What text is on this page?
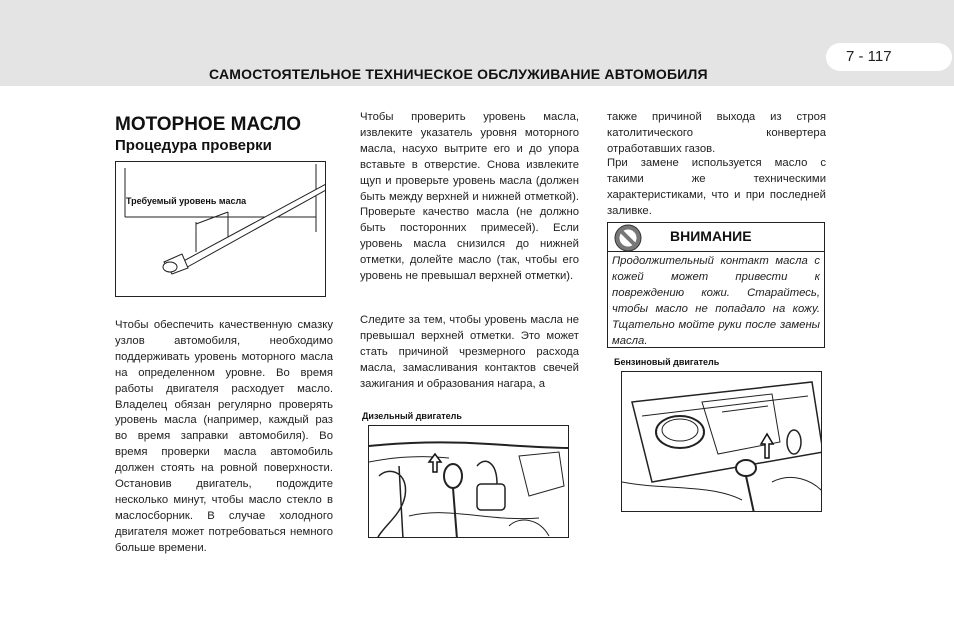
7 - 117
САМОСТОЯТЕЛЬНОЕ ТЕХНИЧЕСКОЕ ОБСЛУЖИВАНИЕ АВТОМОБИЛЯ
МОТОРНОЕ МАСЛО
Процедура проверки
Требуемый уровень масла
Чтобы обеспечить качественную смазку узлов автомобиля, необходимо поддерживать уровень моторного масла на определенном уровне. Во время работы двигателя расходует масло. Владелец обязан регулярно проверять уровень масла (например, каждый раз во время заправки автомобиля). Во время проверки масла автомобиль должен стоять на ровной поверхности. Остановив двигатель, подождите несколько минут, чтобы масло стекло в маслосборник. В случае холодного двигателя может потребоваться немного больше времени.
Чтобы проверить уровень масла, извлеките указатель уровня моторного масла, насухо вытрите его и до упора вставьте в отверстие. Снова извлеките щуп и проверьте уровень масла (должен быть между верхней и нижней отметкой). Проверьте качество масла (не должно быть посторонних примесей). Если уровень масла снизился до нижней отметки, долейте масло (так, чтобы его уровень не превышал верхней отметки).
Следите за тем, чтобы уровень масла не превышал верхней отметки. Это может стать причиной чрезмерного расхода масла, замасливания контактов свечей зажигания и образования нагара, а
Дизельный двигатель
также причиной выхода из строя католитического конвертера отработавших газов.
При замене используется масло с такими же техническими характеристиками, что и при последней заливке.
ВНИМАНИЕ
Продолжительный контакт масла с кожей может привести к повреждению кожи. Старайтесь, чтобы масло не попадало на кожу. Тщательно мойте руки после замены масла.
Бензиновый двигатель
